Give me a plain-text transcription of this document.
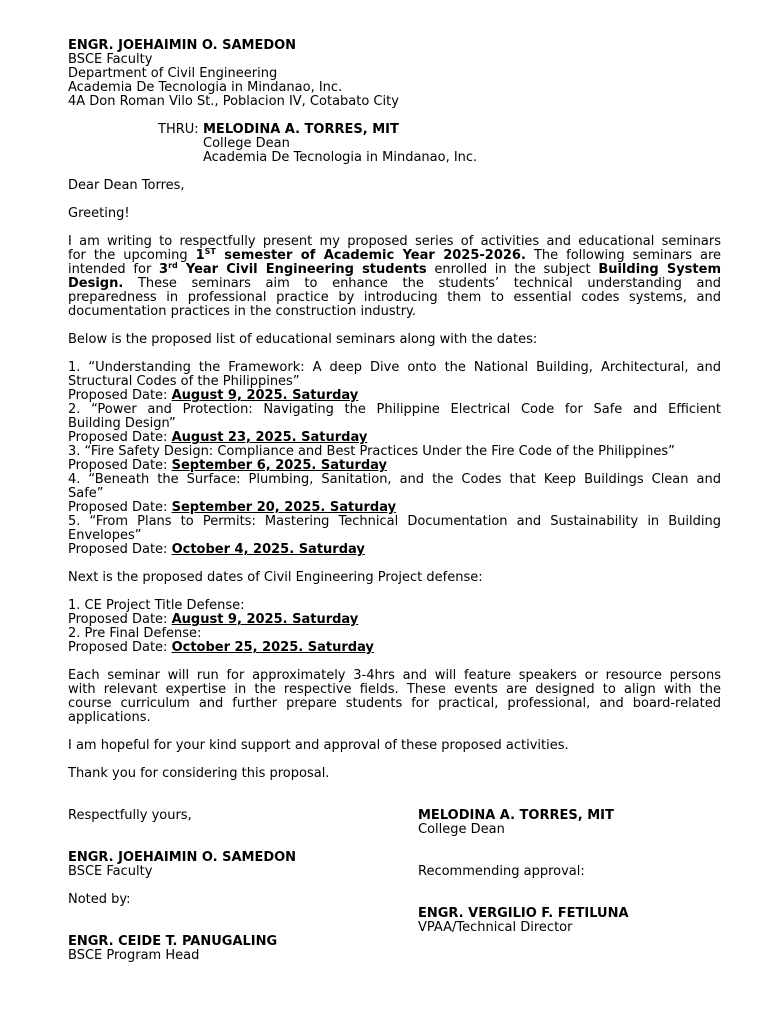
ENGR. JOEHAIMIN O. SAMEDON
BSCE Faculty
Department of Civil Engineering
Academia De Tecnologia in Mindanao, Inc.
4A Don Roman Vilo St., Poblacion IV, Cotabato City
THRU: MELODINA A. TORRES, MIT
College Dean
Academia De Tecnologia in Mindanao, Inc.
Dear Dean Torres,
Greeting!
I am writing to respectfully present my proposed series of activities and educational seminars
for the upcoming 1ST semester of Academic Year 2025-2026. The following seminars are
intended for 3rd Year Civil Engineering students enrolled in the subject Building System
Design. These seminars aim to enhance the students’ technical understanding and
preparedness in professional practice by introducing them to essential codes systems, and
documentation practices in the construction industry.
Below is the proposed list of educational seminars along with the dates:
1. “Understanding the Framework: A deep Dive onto the National Building, Architectural, and
Structural Codes of the Philippines”
Proposed Date: August 9, 2025. Saturday
2. “Power and Protection: Navigating the Philippine Electrical Code for Safe and Efficient
Building Design”
Proposed Date: August 23, 2025. Saturday
3. “Fire Safety Design: Compliance and Best Practices Under the Fire Code of the Philippines”
Proposed Date: September 6, 2025. Saturday
4. “Beneath the Surface: Plumbing, Sanitation, and the Codes that Keep Buildings Clean and
Safe”
Proposed Date: September 20, 2025. Saturday
5. “From Plans to Permits: Mastering Technical Documentation and Sustainability in Building
Envelopes”
Proposed Date: October 4, 2025. Saturday
Next is the proposed dates of Civil Engineering Project defense:
1. CE Project Title Defense:
Proposed Date: August 9, 2025. Saturday
2. Pre Final Defense:
Proposed Date: October 25, 2025. Saturday
Each seminar will run for approximately 3-4hrs and will feature speakers or resource persons
with relevant expertise in the respective fields. These events are designed to align with the
course curriculum and further prepare students for practical, professional, and board-related
applications.
I am hopeful for your kind support and approval of these proposed activities.
Thank you for considering this proposal.
Respectfully yours,
ENGR. JOEHAIMIN O. SAMEDON
BSCE Faculty
Noted by:
ENGR. CEIDE T. PANUGALING
BSCE Program Head
MELODINA A. TORRES, MIT
College Dean
Recommending approval:
ENGR. VERGILIO F. FETILUNA
VPAA/Technical Director
